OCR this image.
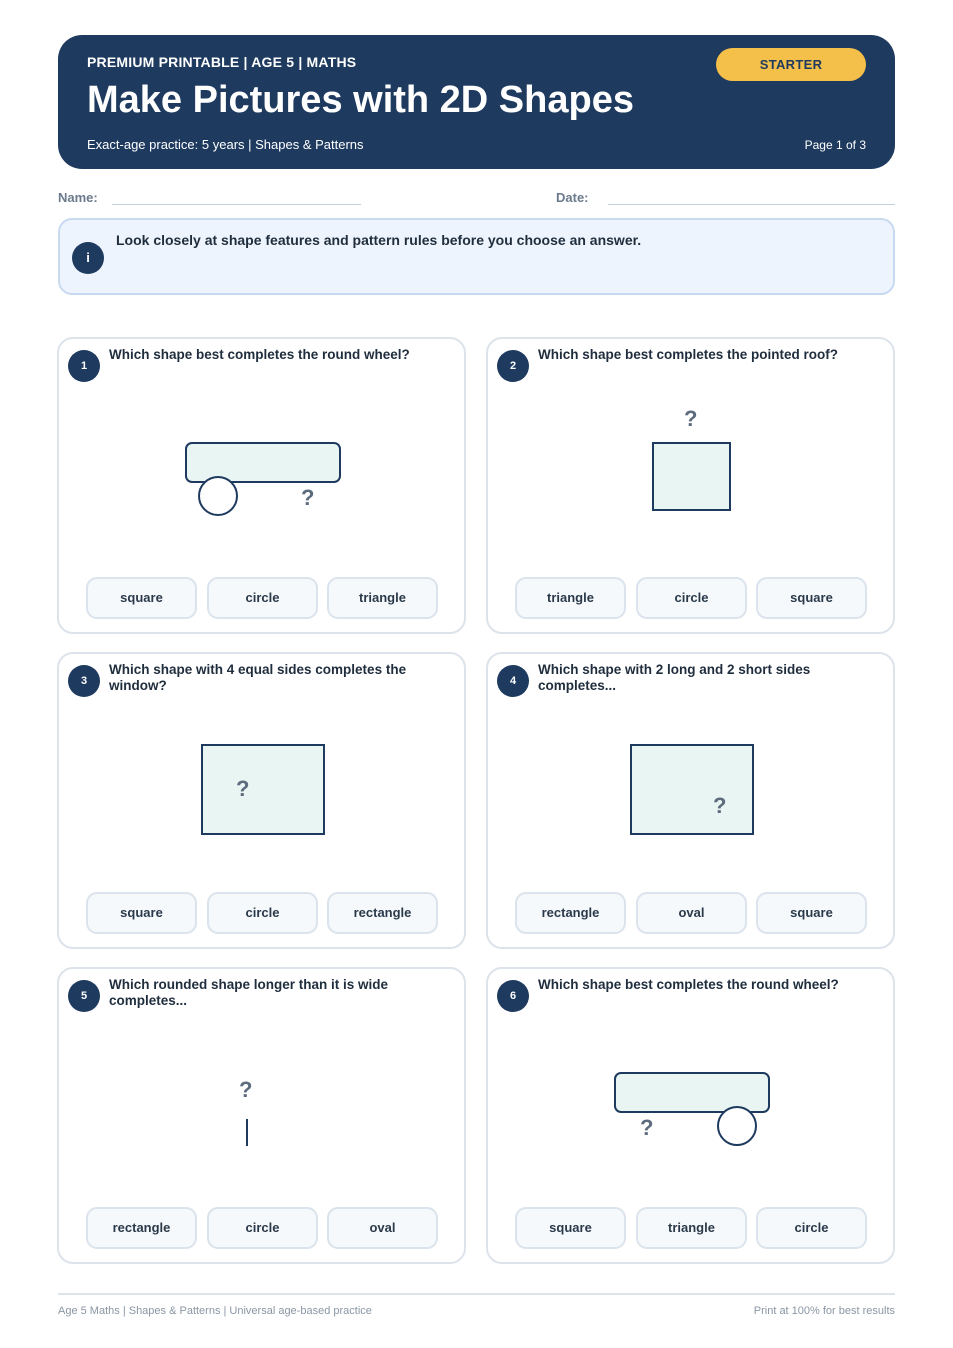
PREMIUM PRINTABLE | AGE 5 | MATHS
Make Pictures with 2D Shapes
Exact-age practice: 5 years | Shapes & Patterns	Page 1 of 3
STARTER
Name:	Date:
i
Look closely at shape features and pattern rules before you choose an answer.
1
Which shape best completes the round wheel?
?
square	circle	triangle
2
Which shape best completes the pointed roof?
?
triangle	circle	square
3
Which shape with 4 equal sides completes the window?
?
square	circle	rectangle
4
Which shape with 2 long and 2 short sides completes...
?
rectangle	oval	square
5
Which rounded shape longer than it is wide completes...
?
rectangle	circle	oval
6
Which shape best completes the round wheel?
?
square	triangle	circle
Age 5 Maths | Shapes & Patterns | Universal age-based practice	Print at 100% for best results
